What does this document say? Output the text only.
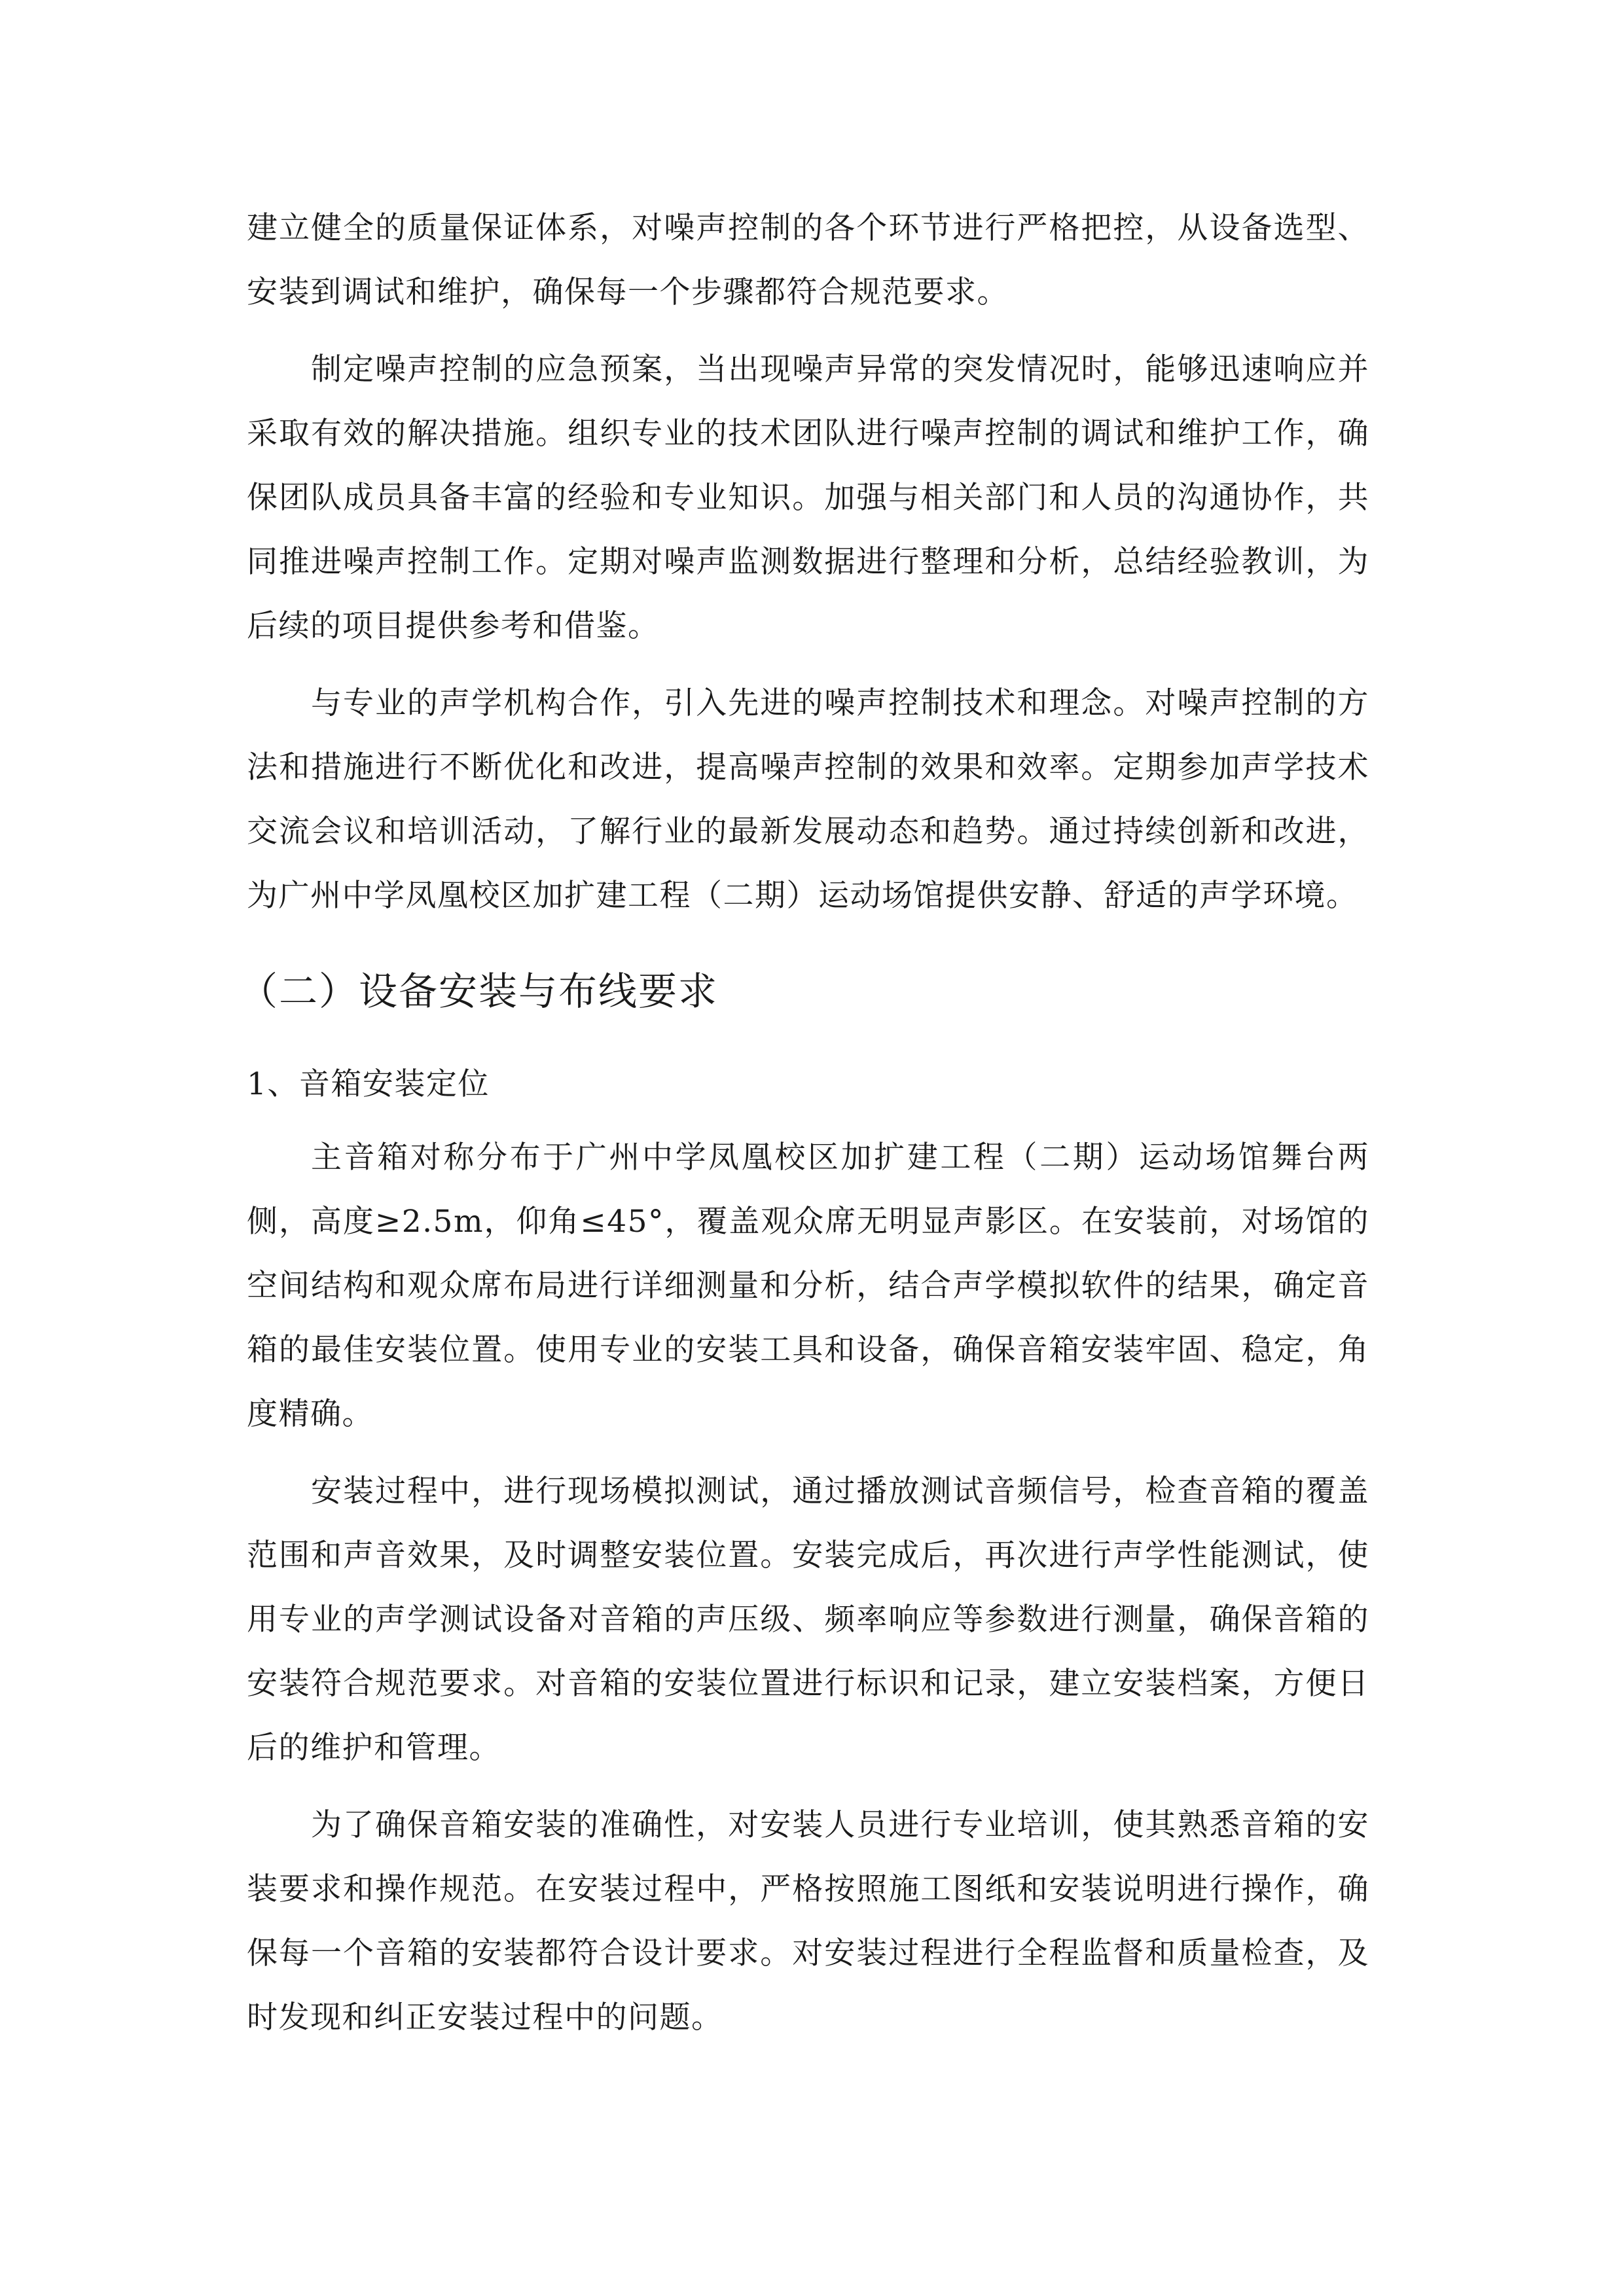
建立健全的质量保证体系，对噪声控制的各个环节进行严格把控，从设备选型、安装到调试和维护，确保每一个步骤都符合规范要求。

制定噪声控制的应急预案，当出现噪声异常的突发情况时，能够迅速响应并采取有效的解决措施。组织专业的技术团队进行噪声控制的调试和维护工作，确保团队成员具备丰富的经验和专业知识。加强与相关部门和人员的沟通协作，共同推进噪声控制工作。定期对噪声监测数据进行整理和分析，总结经验教训，为后续的项目提供参考和借鉴。

与专业的声学机构合作，引入先进的噪声控制技术和理念。对噪声控制的方法和措施进行不断优化和改进，提高噪声控制的效果和效率。定期参加声学技术交流会议和培训活动，了解行业的最新发展动态和趋势。通过持续创新和改进，为广州中学凤凰校区加扩建工程（二期）运动场馆提供安静、舒适的声学环境。

（二）设备安装与布线要求
1、音箱安装定位

主音箱对称分布于广州中学凤凰校区加扩建工程（二期）运动场馆舞台两侧，高度≥2.5m，仰角≤45°，覆盖观众席无明显声影区。在安装前，对场馆的空间结构和观众席布局进行详细测量和分析，结合声学模拟软件的结果，确定音箱的最佳安装位置。使用专业的安装工具和设备，确保音箱安装牢固、稳定，角度精确。

安装过程中，进行现场模拟测试，通过播放测试音频信号，检查音箱的覆盖范围和声音效果，及时调整安装位置。安装完成后，再次进行声学性能测试，使用专业的声学测试设备对音箱的声压级、频率响应等参数进行测量，确保音箱的安装符合规范要求。对音箱的安装位置进行标识和记录，建立安装档案，方便日后的维护和管理。

为了确保音箱安装的准确性，对安装人员进行专业培训，使其熟悉音箱的安装要求和操作规范。在安装过程中，严格按照施工图纸和安装说明进行操作，确保每一个音箱的安装都符合设计要求。对安装过程进行全程监督和质量检查，及时发现和纠正安装过程中的问题。
